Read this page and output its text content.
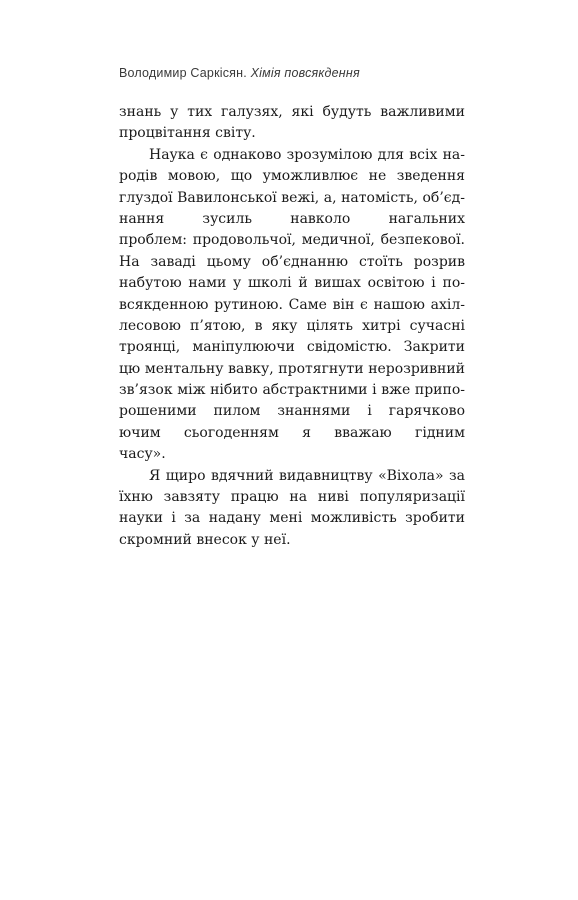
Володимир Саркісян. Хімія повсякдення
знань у тих галузях, які будуть важливими
процвітання світу.
Наука є однаково зрозумілою для всіх на-
родів мовою, що уможливлює не зведення
глуздої Вавилонської вежі, а, натомість, об’єд-
нання зусиль навколо нагальних
проблем: продовольчої, медичної, безпекової.
На заваді цьому об’єднанню стоїть розрив
набутою нами у школі й вишах освітою і по-
всякденною рутиною. Саме він є нашою ахіл-
лесовою п’ятою, в яку цілять хитрі сучасні
троянці, маніпулюючи свідомістю. Закрити
цю ментальну вавку, протягнути нерозривний
зв’язок між нібито абстрактними і вже припо-
рошеними пилом знаннями і гарячково
ючим сьогоденням я вважаю гідним
часу».
Я щиро вдячний видавництву «Віхола» за
їхню завзяту працю на ниві популяризації
науки і за надану мені можливість зробити
скромний внесок у неї.
